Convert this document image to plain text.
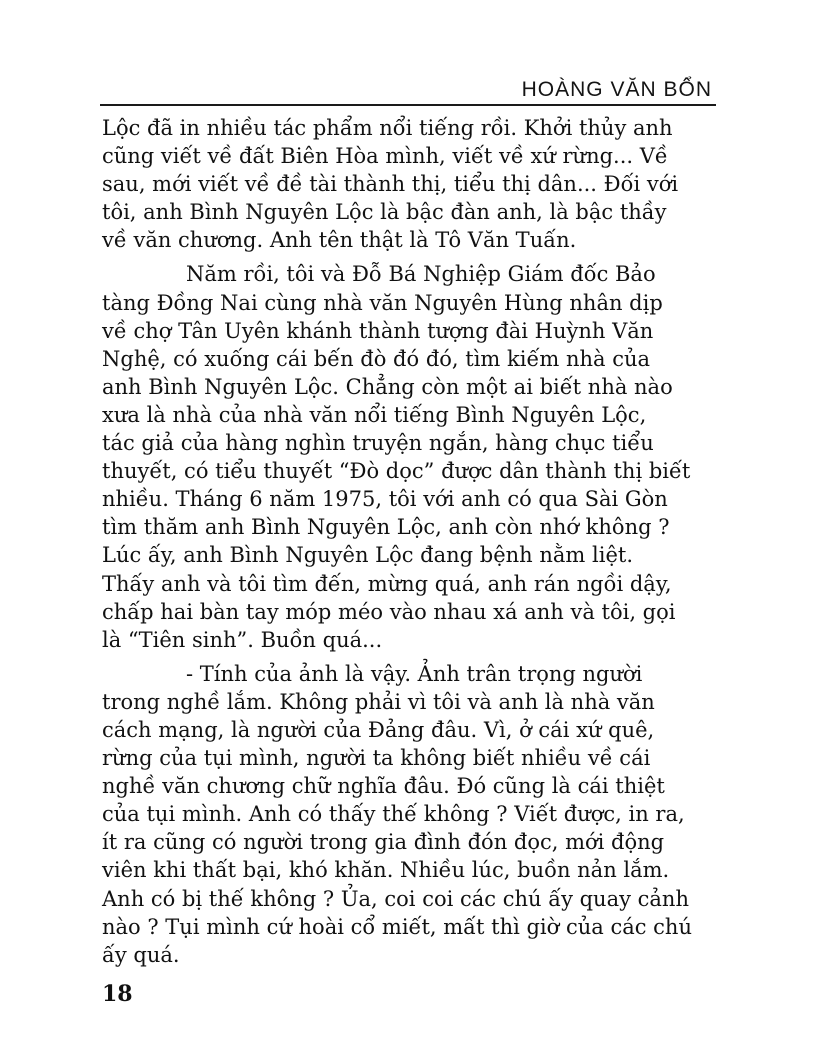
HOÀNG VĂN BỔN

Lộc đã in nhiều tác phẩm nổi tiếng rồi. Khởi thủy anh
cũng viết về đất Biên Hòa mình, viết về xứ rừng... Về
sau, mới viết về đề tài thành thị, tiểu thị dân... Đối với
tôi, anh Bình Nguyên Lộc là bậc đàn anh, là bậc thầy
về văn chương. Anh tên thật là Tô Văn Tuấn.

Năm rồi, tôi và Đỗ Bá Nghiệp Giám đốc Bảo
tàng Đồng Nai cùng nhà văn Nguyên Hùng nhân dịp
về chợ Tân Uyên khánh thành tượng đài Huỳnh Văn
Nghệ, có xuống cái bến đò đó đó, tìm kiếm nhà của
anh Bình Nguyên Lộc. Chẳng còn một ai biết nhà nào
xưa là nhà của nhà văn nổi tiếng Bình Nguyên Lộc,
tác giả của hàng nghìn truyện ngắn, hàng chục tiểu
thuyết, có tiểu thuyết “Đò dọc” được dân thành thị biết
nhiều. Tháng 6 năm 1975, tôi với anh có qua Sài Gòn
tìm thăm anh Bình Nguyên Lộc, anh còn nhớ không ?
Lúc ấy, anh Bình Nguyên Lộc đang bệnh nằm liệt.
Thấy anh và tôi tìm đến, mừng quá, anh rán ngồi dậy,
chấp hai bàn tay móp méo vào nhau xá anh và tôi, gọi
là “Tiên sinh”. Buồn quá...

- Tính của ảnh là vậy. Ảnh trân trọng người
trong nghề lắm. Không phải vì tôi và anh là nhà văn
cách mạng, là người của Đảng đâu. Vì, ở cái xứ quê,
rừng của tụi mình, người ta không biết nhiều về cái
nghề văn chương chữ nghĩa đâu. Đó cũng là cái thiệt
của tụi mình. Anh có thấy thế không ? Viết được, in ra,
ít ra cũng có người trong gia đình đón đọc, mới động
viên khi thất bại, khó khăn. Nhiều lúc, buồn nản lắm.
Anh có bị thế không ? Ủa, coi coi các chú ấy quay cảnh
nào ? Tụi mình cứ hoài cổ miết, mất thì giờ của các chú
ấy quá.

18
